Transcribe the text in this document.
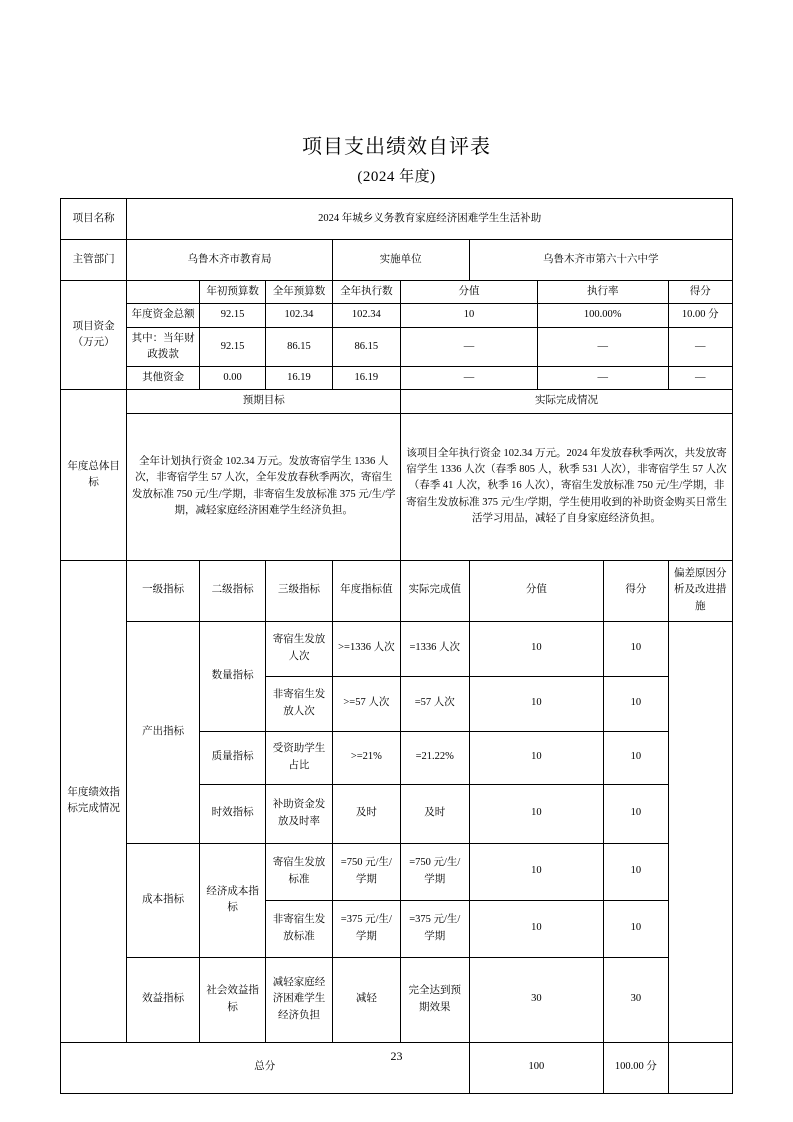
项目支出绩效自评表
(2024 年度)
项目名称	2024 年城乡义务教育家庭经济困难学生生活补助								
主管部门	乌鲁木齐市教育局			实施单位		乌鲁木齐市第六十六中学			
项目资金（万元）		年初预算数	全年预算数	全年执行数	分值		执行率		得分
	年度资金总额	92.15	102.34	102.34	10		100.00%		10.00 分
	其中：当年财政拨款	92.15	86.15	86.15	—		—		—
	其他资金	0.00	16.19	16.19	—		—		—
年度总体目标	预期目标				实际完成情况				
	全年计划执行资金 102.34 万元。发放寄宿学生 1336 人次，非寄宿学生 57 人次，全年发放春秋季两次，寄宿生发放标准 750 元/生/学期，非寄宿生发放标准 375 元/生/学期，减轻家庭经济困难学生经济负担。				该项目全年执行资金 102.34 万元。2024 年发放春秋季两次，共发放寄宿学生 1336 人次（春季 805 人，秋季 531 人次），非寄宿学生 57 人次（春季 41 人次，秋季 16 人次），寄宿生发放标准 750 元/生/学期，非寄宿生发放标准 375 元/生/学期，学生使用收到的补助资金购买日常生活学习用品，减轻了自身家庭经济负担。				
年度绩效指标完成情况	一级指标	二级指标	三级指标	年度指标值	实际完成值	分值		得分	偏差原因分析及改进措施
	产出指标	数量指标	寄宿生发放人次	>=1336 人次	=1336 人次	10		10	
			非寄宿生发放人次	>=57 人次	=57 人次	10		10	
		质量指标	受资助学生占比	>=21%	=21.22%	10		10	
		时效指标	补助资金发放及时率	及时	及时	10		10	
	成本指标	经济成本指标	寄宿生发放标准	=750 元/生/学期	=750 元/生/学期	10		10	
			非寄宿生发放标准	=375 元/生/学期	=375 元/生/学期	10		10	
	效益指标	社会效益指标	减轻家庭经济困难学生经济负担	减轻	完全达到预期效果	30		30	
总分						100		100.00 分	
23
